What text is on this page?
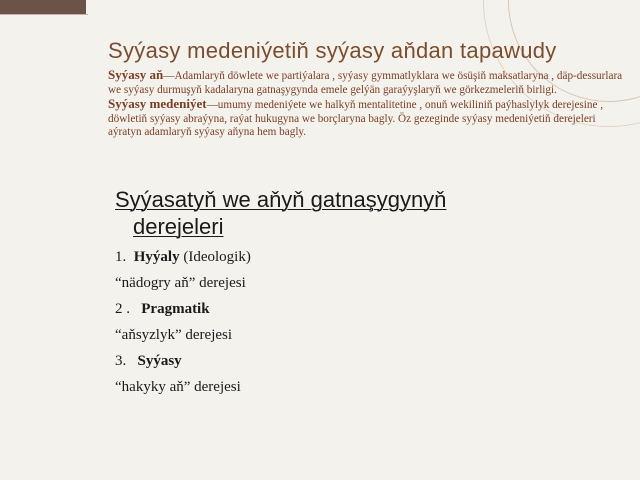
Syýasy medeniýetiň syýasy aňdan tapawudy

Syýasy aň—Adamlaryň döwlete we partiýalara , syýasy gymmatlyklara we ösüşiň maksatlaryna , däp-dessurlara we syýasy durmuşyň kadalaryna gatnaşygynda emele gelýän garaýyşlaryň we görkezmeleriň birligi.

Syýasy medeniýet—umumy medeniýete we halkyň mentalitetine , onuň wekiliniň paýhaslylyk derejesine , döwletiň syýasy abraýyna, raýat hukugyna we borçlaryna bagly. Öz gezeginde syýasy medeniýetiň derejeleri aýratyn adamlaryň syýasy aňyna hem bagly.

Syýasatyň we aňyň gatnaşygynyň
derejeleri
1. Hyýaly (Ideologik)
“nädogry aň” derejesi
2 . Pragmatik
“aňsyzlyk” derejesi
3. Syýasy
“hakyky aň” derejesi
